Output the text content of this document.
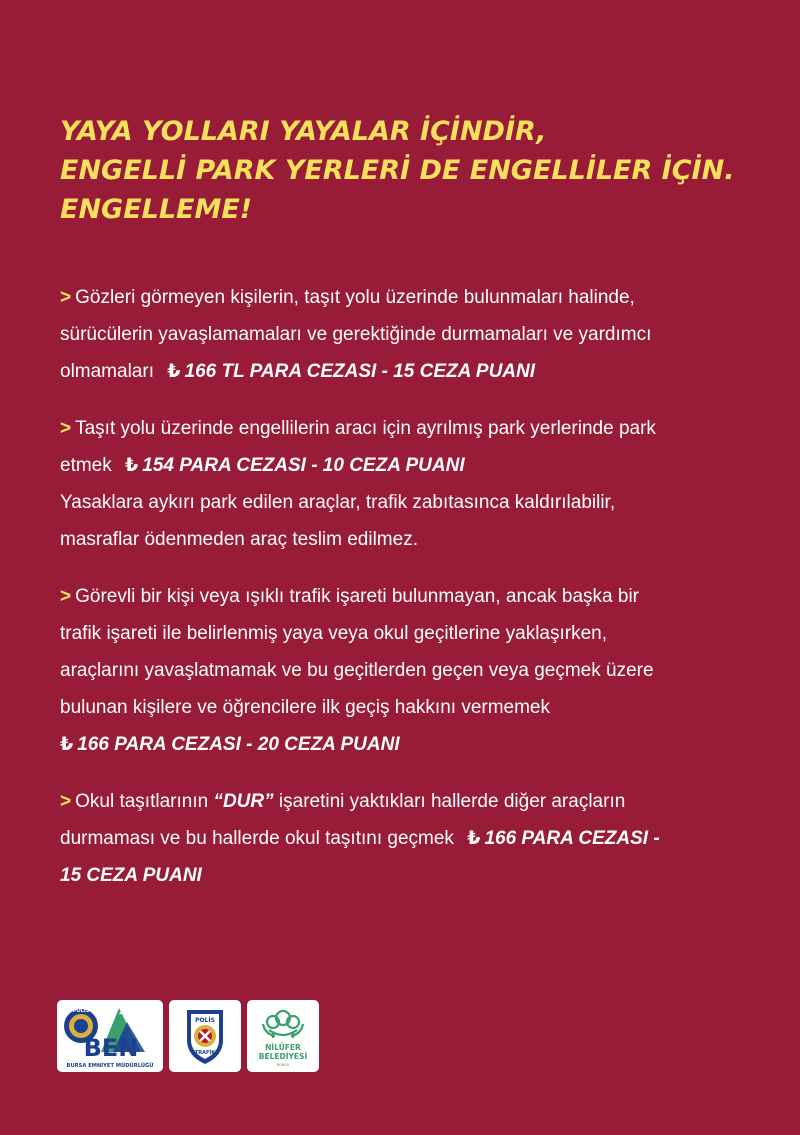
YAYA YOLLARI YAYALAR İÇİNDİR,
ENGELLİ PARK YERLERİ DE ENGELLİLER İÇİN.
ENGELLEME!
> Gözleri görmeyen kişilerin, taşıt yolu üzerinde bulunmaları halinde,
sürücülerin yavaşlamamaları ve gerektiğinde durmamaları ve yardımcı
olmamaları ₺ 166 TL PARA CEZASI - 15 CEZA PUANI
> Taşıt yolu üzerinde engellilerin aracı için ayrılmış park yerlerinde park
etmek ₺ 154 PARA CEZASI - 10 CEZA PUANI
Yasaklara aykırı park edilen araçlar, trafik zabıtasınca kaldırılabilir,
masraflar ödenmeden araç teslim edilmez.
> Görevli bir kişi veya ışıklı trafik işareti bulunmayan, ancak başka bir
trafik işareti ile belirlenmiş yaya veya okul geçitlerine yaklaşırken,
araçlarını yavaşlatmamak ve bu geçitlerden geçen veya geçmek üzere
bulunan kişilere ve öğrencilere ilk geçiş hakkını vermemek
₺ 166 PARA CEZASI - 20 CEZA PUANI
> Okul taşıtlarının “DUR” işaretini yaktıkları hallerde diğer araçların
durmaması ve bu hallerde okul taşıtını geçmek ₺ 166 PARA CEZASI -
15 CEZA PUANI
POLİS
BEN
BURSA EMNİYET MÜDÜRLÜĞÜ
POLİS
TRAFİK
NİLÜFER
BELEDİYESİ
BURSA
